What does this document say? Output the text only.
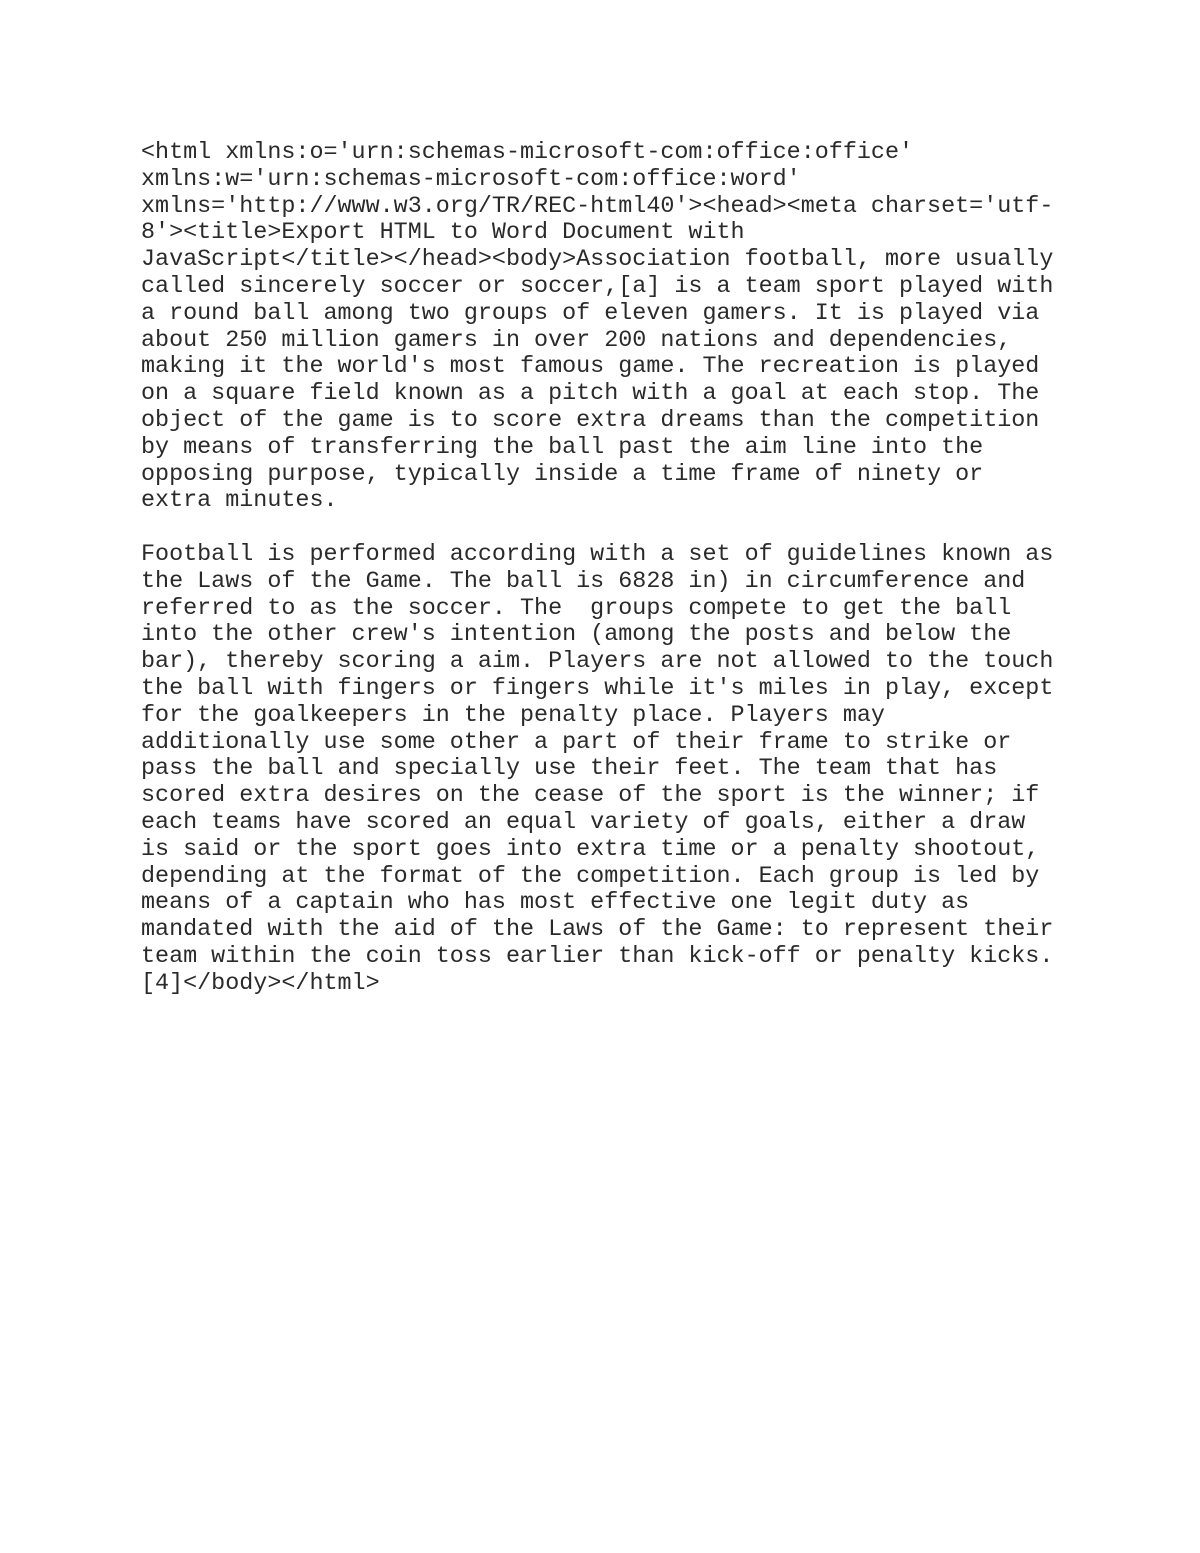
<html xmlns:o='urn:schemas-microsoft-com:office:office'
xmlns:w='urn:schemas-microsoft-com:office:word'
xmlns='http://www.w3.org/TR/REC-html40'><head><meta charset='utf-
8'><title>Export HTML to Word Document with
JavaScript</title></head><body>Association football, more usually
called sincerely soccer or soccer,[a] is a team sport played with
a round ball among two groups of eleven gamers. It is played via
about 250 million gamers in over 200 nations and dependencies,
making it the world's most famous game. The recreation is played
on a square field known as a pitch with a goal at each stop. The
object of the game is to score extra dreams than the competition
by means of transferring the ball past the aim line into the
opposing purpose, typically inside a time frame of ninety or
extra minutes.
Football is performed according with a set of guidelines known as
the Laws of the Game. The ball is 6828 in) in circumference and
referred to as the soccer. The  groups compete to get the ball
into the other crew's intention (among the posts and below the
bar), thereby scoring a aim. Players are not allowed to the touch
the ball with fingers or fingers while it's miles in play, except
for the goalkeepers in the penalty place. Players may
additionally use some other a part of their frame to strike or
pass the ball and specially use their feet. The team that has
scored extra desires on the cease of the sport is the winner; if
each teams have scored an equal variety of goals, either a draw
is said or the sport goes into extra time or a penalty shootout,
depending at the format of the competition. Each group is led by
means of a captain who has most effective one legit duty as
mandated with the aid of the Laws of the Game: to represent their
team within the coin toss earlier than kick-off or penalty kicks.
[4]</body></html>
